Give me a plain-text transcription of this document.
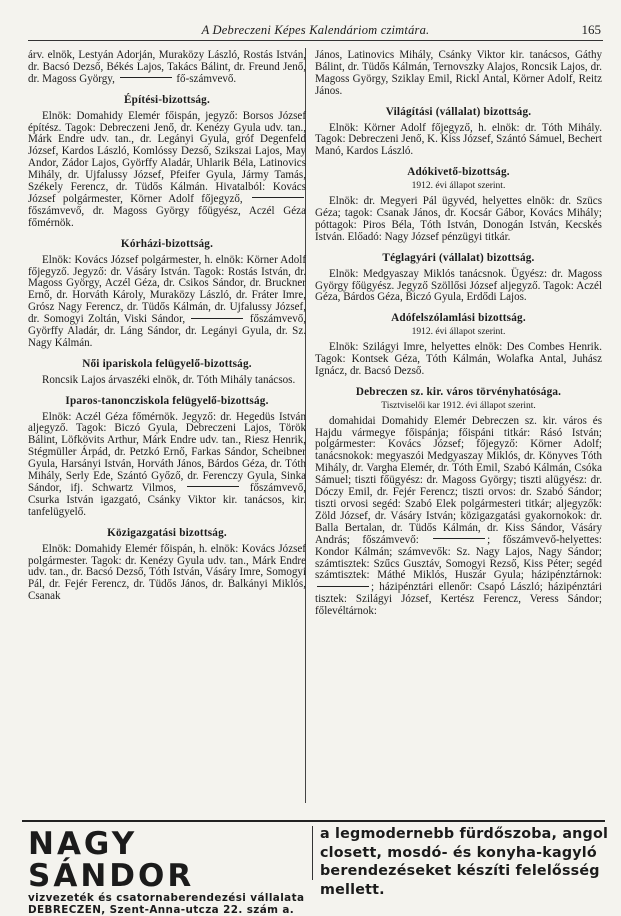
A Debreczeni Képes Kalendáriom czimtára.	165

árv. elnök, Lestyán Adorján, Muraközy László, Rostás István, dr. Bacsó Dezső, Békés Lajos, Takács Bálint, dr. Freund Jenő, dr. Magoss György,	fő-számvevő.

Építési-bizottság.

Elnök: Domahidy Elemér főispán, jegyző: Borsos József építész. Tagok: Debreczeni Jenő, dr. Kenézy Gyula udv. tan., Márk Endre udv. tan., dr. Legányi Gyula, gróf Degenfeld József, Kardos László, Komlóssy Dezső, Szikszai Lajos, May Andor, Zádor Lajos, Györffy Aladár, Uhlarik Béla, Latinovics Mihály, dr. Ujfalussy József, Pfeifer Gyula, Jármy Tamás, Székely Ferencz, dr. Tüdős Kálmán. Hivatalból: Kovács József polgármester, Körner Adolf főjegyző,  főszámvevő, dr. Magoss György főügyész, Aczél Géza főmérnök.

Kórházi-bizottság.

Elnök: Kovács József polgármester, h. elnök: Körner Adolf főjegyző. Jegyző: dr. Vásáry István. Tagok: Rostás István, dr. Magoss György, Aczél Géza, dr. Csikos Sándor, dr. Bruckner Ernő, dr. Horváth Károly, Muraközy László, dr. Fráter Imre, Grósz Nagy Ferencz, dr. Tüdős Kálmán, dr. Ujfalussy József, dr. Somogyi Zoltán, Viski Sándor,	főszámvevő, Györffy Aladár, dr. Láng Sándor, dr. Legányi Gyula, dr. Sz. Nagy Kálmán.

Női ipariskola felügyelő-bizottság.

Roncsik Lajos árvaszéki elnök, dr. Tóth Mihály tanácsos.

Iparos-tanoncziskola felügyelő-bizottság.

Elnök: Aczél Géza főmérnök. Jegyző: dr. Hegedüs István aljegyző. Tagok: Biczó Gyula, Debreczeni Lajos, Török Bálint, Löfkövits Arthur, Márk Endre udv. tan., Riesz Henrik, Stégmüller Árpád, dr. Petzkó Ernő, Farkas Sándor, Scheibner Gyula, Harsányi István, Horváth János, Bárdos Géza, dr. Tóth Mihály, Serly Ede, Szántó Győző, dr. Ferenczy Gyula, Sinka Sándor, ifj. Schwartz Vilmos,	főszámvevő, Csurka István igazgató, Csánky Viktor kir. tanácsos, kir. tanfelügyelő.

Közigazgatási bizottság.

Elnök: Domahidy Elemér főispán, h. elnök: Kovács József polgármester. Tagok: dr. Kenézy Gyula udv. tan., Márk Endre udv. tan., dr. Bacsó Dezső, Tóth István, Vásáry Imre, Somogyi Pál, dr. Fejér Ferencz, dr. Tüdős János, dr. Balkányi Miklós, Csanak

János, Latinovics Mihály, Csánky Viktor kir. tanácsos, Gáthy Bálint, dr. Tüdős Kálmán, Ternovszky Alajos, Roncsik Lajos, dr. Magoss György, Sziklay Emil, Rickl Antal, Körner Adolf, Reitz János.

Világítási (vállalat) bizottság.

Elnök: Körner Adolf főjegyző, h. elnök: dr. Tóth Mihály. Tagok: Debreczeni Jenő, K. Kiss József, Szántó Sámuel, Bechert Manó, Kardos László.

Adókivető-bizottság.
1912. évi állapot szerint.

Elnök: dr. Megyeri Pál ügyvéd, helyettes elnök: dr. Szücs Géza; tagok: Csanak János, dr. Kocsár Gábor, Kovács Mihály; póttagok: Piros Béla, Tóth István, Donogán István, Kecskés István. Előadó: Nagy József pénzügyi titkár.

Téglagyári (vállalat) bizottság.

Elnök: Medgyaszay Miklós tanácsnok. Ügyész: dr. Magoss György főügyész. Jegyző Szöllősi József aljegyző. Tagok: Aczél Géza, Bárdos Géza, Biczó Gyula, Erdődi Lajos.

Adófelszólamlási bizottság.
1912. évi állapot szerint.

Elnök: Szilágyi Imre, helyettes elnök: Des Combes Henrik. Tagok: Kontsek Géza, Tóth Kálmán, Wolafka Antal, Juhász Ignácz, dr. Bacsó Dezső.

Debreczen sz. kir. város törvényhatósága.
Tisztviselői kar 1912. évi állapot szerint.

domahidai Domahidy Elemér Debreczen sz. kir. város és Hajdu vármegye főispánja; főispáni titkár: Rásó István; polgármester: Kovács József; főjegyző: Körner Adolf; tanácsnokok: megyaszói Medgyaszay Miklós, dr. Könyves Tóth Mihály, dr. Vargha Elemér, dr. Tóth Emil, Szabó Kálmán, Csóka Sámuel; tiszti főügyész: dr. Magoss György; tiszti alügyész: dr. Dóczy Emil, dr. Fejér Ferencz; tiszti orvos: dr. Szabó Sándor; tiszti orvosi segéd: Szabó Elek polgármesteri titkár; aljegyzők: Zöld József, dr. Vásáry István; közigazgatási gyakornokok: dr. Balla Bertalan, dr. Tüdős Kálmán, dr. Kiss Sándor, Vásáry András; főszámvevő:	; főszámvevő-helyettes: Kondor Kálmán; számvevők: Sz. Nagy Lajos, Nagy Sándor; számtisztek: Szűcs Gusztáv, Somogyi Rezső, Kiss Péter; segéd számtisztek: Máthé Miklós, Huszár Gyula; házipénztárnok: ; házipénztári ellenőr: Csapó László; házipénztári tisztek: Szilágyi József, Kertész Ferencz, Veress Sándor; főlevéltárnok:

NAGY SÁNDOR
vizvezeték és csatornaberendezési vállalata
DEBRECZEN, Szent-Anna-utcza 22. szám a.
a legmodernebb fürdőszoba, angol closett, mosdó- és konyha-kagyló berendezéseket készíti felelősség mellett.
